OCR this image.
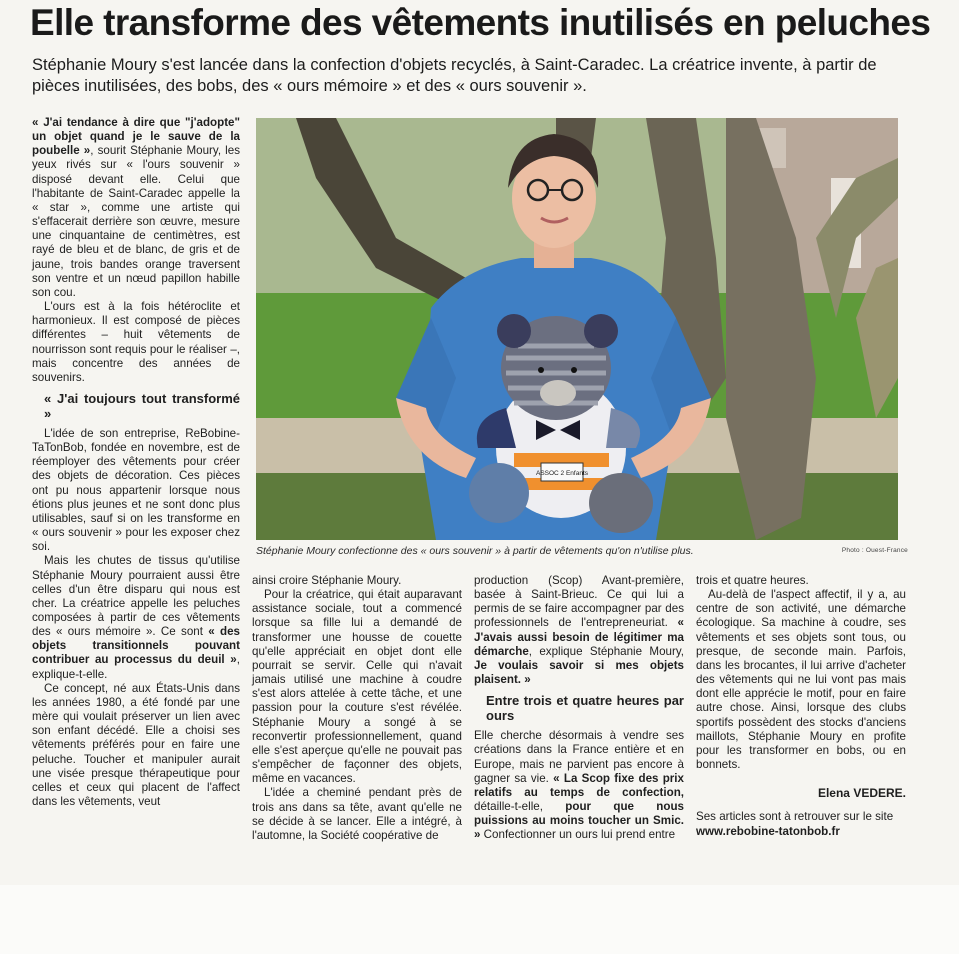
Elle transforme des vêtements inutilisés en peluches
Stéphanie Moury s'est lancée dans la confection d'objets recyclés, à Saint-Caradec. La créatrice invente, à partir de pièces inutilisées, des bobs, des « ours mémoire » et des « ours souvenir ».
ASSOC 2 Enfants
Stéphanie Moury confectionne des « ours souvenir » à partir de vêtements qu'on n'utilise plus.	Photo : Ouest-France

« J'ai tendance à dire que "j'adopte" un objet quand je le sauve de la poubelle », sourit Stéphanie Moury, les yeux rivés sur « l'ours souvenir » disposé devant elle. Celui que l'habitante de Saint-Caradec appelle la « star », comme une artiste qui s'effacerait derrière son œuvre, mesure une cinquantaine de centimètres, est rayé de bleu et de blanc, de gris et de jaune, trois bandes orange traversent son ventre et un nœud papillon habille son cou.

L'ours est à la fois hétéroclite et harmonieux. Il est composé de pièces différentes – huit vêtements de nourrisson sont requis pour le réaliser –, mais concentre des années de souvenirs.

« J'ai toujours tout transformé »

L'idée de son entreprise, ReBobine-TaTonBob, fondée en novembre, est de réemployer des vêtements pour créer des objets de décoration. Ces pièces ont pu nous appartenir lorsque nous étions plus jeunes et ne sont donc plus utilisables, sauf si on les transforme en « ours souvenir » pour les exposer chez soi.

Mais les chutes de tissus qu'utilise Stéphanie Moury pourraient aussi être celles d'un être disparu qui nous est cher. La créatrice appelle les peluches composées à partir de ces vêtements des « ours mémoire ». Ce sont « des objets transitionnels pouvant contribuer au processus du deuil », explique-t-elle.

Ce concept, né aux États-Unis dans les années 1980, a été fondé par une mère qui voulait préserver un lien avec son enfant décédé. Elle a choisi ses vêtements préférés pour en faire une peluche. Toucher et manipuler aurait une visée presque thérapeutique pour celles et ceux qui placent de l'affect dans les vêtements, veut

ainsi croire Stéphanie Moury.

Pour la créatrice, qui était auparavant assistance sociale, tout a commencé lorsque sa fille lui a demandé de transformer une housse de couette qu'elle appréciait en objet dont elle pourrait se servir. Celle qui n'avait jamais utilisé une machine à coudre s'est alors attelée à cette tâche, et une passion pour la couture s'est révélée. Stéphanie Moury a songé à se reconvertir professionnellement, quand elle s'est aperçue qu'elle ne pouvait pas s'empêcher de façonner des objets, même en vacances.

L'idée a cheminé pendant près de trois ans dans sa tête, avant qu'elle ne se décide à se lancer. Elle a intégré, à l'automne, la Société coopérative de

production (Scop) Avant-première, basée à Saint-Brieuc. Ce qui lui a permis de se faire accompagner par des professionnels de l'entrepreneuriat. « J'avais aussi besoin de légitimer ma démarche, explique Stéphanie Moury, Je voulais savoir si mes objets plaisent. »

Entre trois et quatre heures par ours

Elle cherche désormais à vendre ses créations dans la France entière et en Europe, mais ne parvient pas encore à gagner sa vie. « La Scop fixe des prix relatifs au temps de confection, détaille-t-elle, pour que nous puissions au moins toucher un Smic. » Confectionner un ours lui prend entre

trois et quatre heures.

Au-delà de l'aspect affectif, il y a, au centre de son activité, une démarche écologique. Sa machine à coudre, ses vêtements et ses objets sont tous, ou presque, de seconde main. Parfois, dans les brocantes, il lui arrive d'acheter des vêtements qui ne lui vont pas mais dont elle apprécie le motif, pour en faire autre chose. Ainsi, lorsque des clubs sportifs possèdent des stocks d'anciens maillots, Stéphanie Moury en profite pour les transformer en bobs, ou en bonnets.

Elena VEDERE.

Ses articles sont à retrouver sur le site

www.rebobine-tatonbob.fr
